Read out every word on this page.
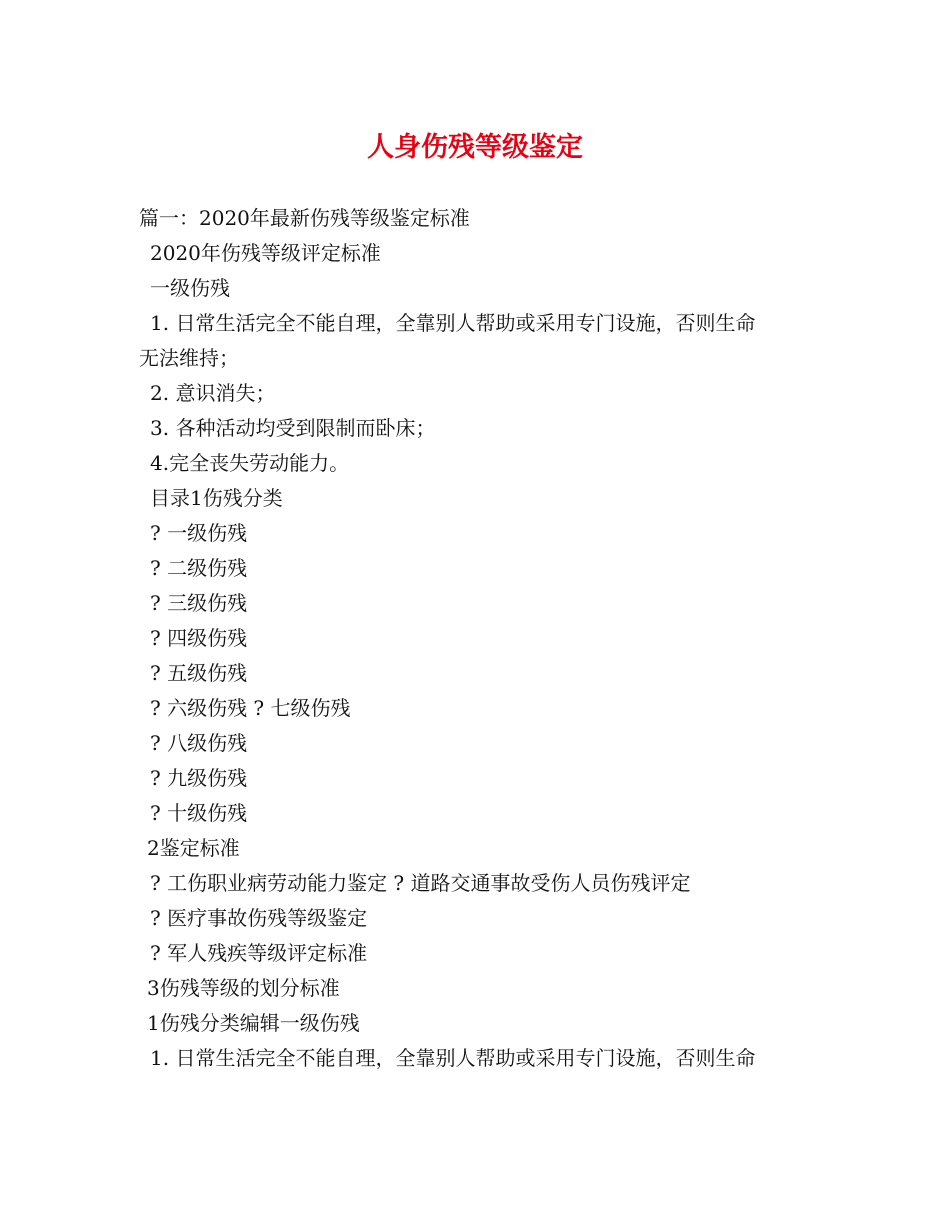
人身伤残等级鉴定
篇一：2020年最新伤残等级鉴定标准
2020年伤残等级评定标准
一级伤残
1. 日常生活完全不能自理，全靠别人帮助或采用专门设施，否则生命
无法维持；
2. 意识消失；
3. 各种活动均受到限制而卧床；
4.完全丧失劳动能力。
目录1伤残分类
? 一级伤残
? 二级伤残
? 三级伤残
? 四级伤残
? 五级伤残
? 六级伤残 ? 七级伤残
? 八级伤残
? 九级伤残
? 十级伤残
2鉴定标准
? 工伤职业病劳动能力鉴定 ? 道路交通事故受伤人员伤残评定
? 医疗事故伤残等级鉴定
? 军人残疾等级评定标准
3伤残等级的划分标准
1伤残分类编辑一级伤残
1. 日常生活完全不能自理，全靠别人帮助或采用专门设施，否则生命
